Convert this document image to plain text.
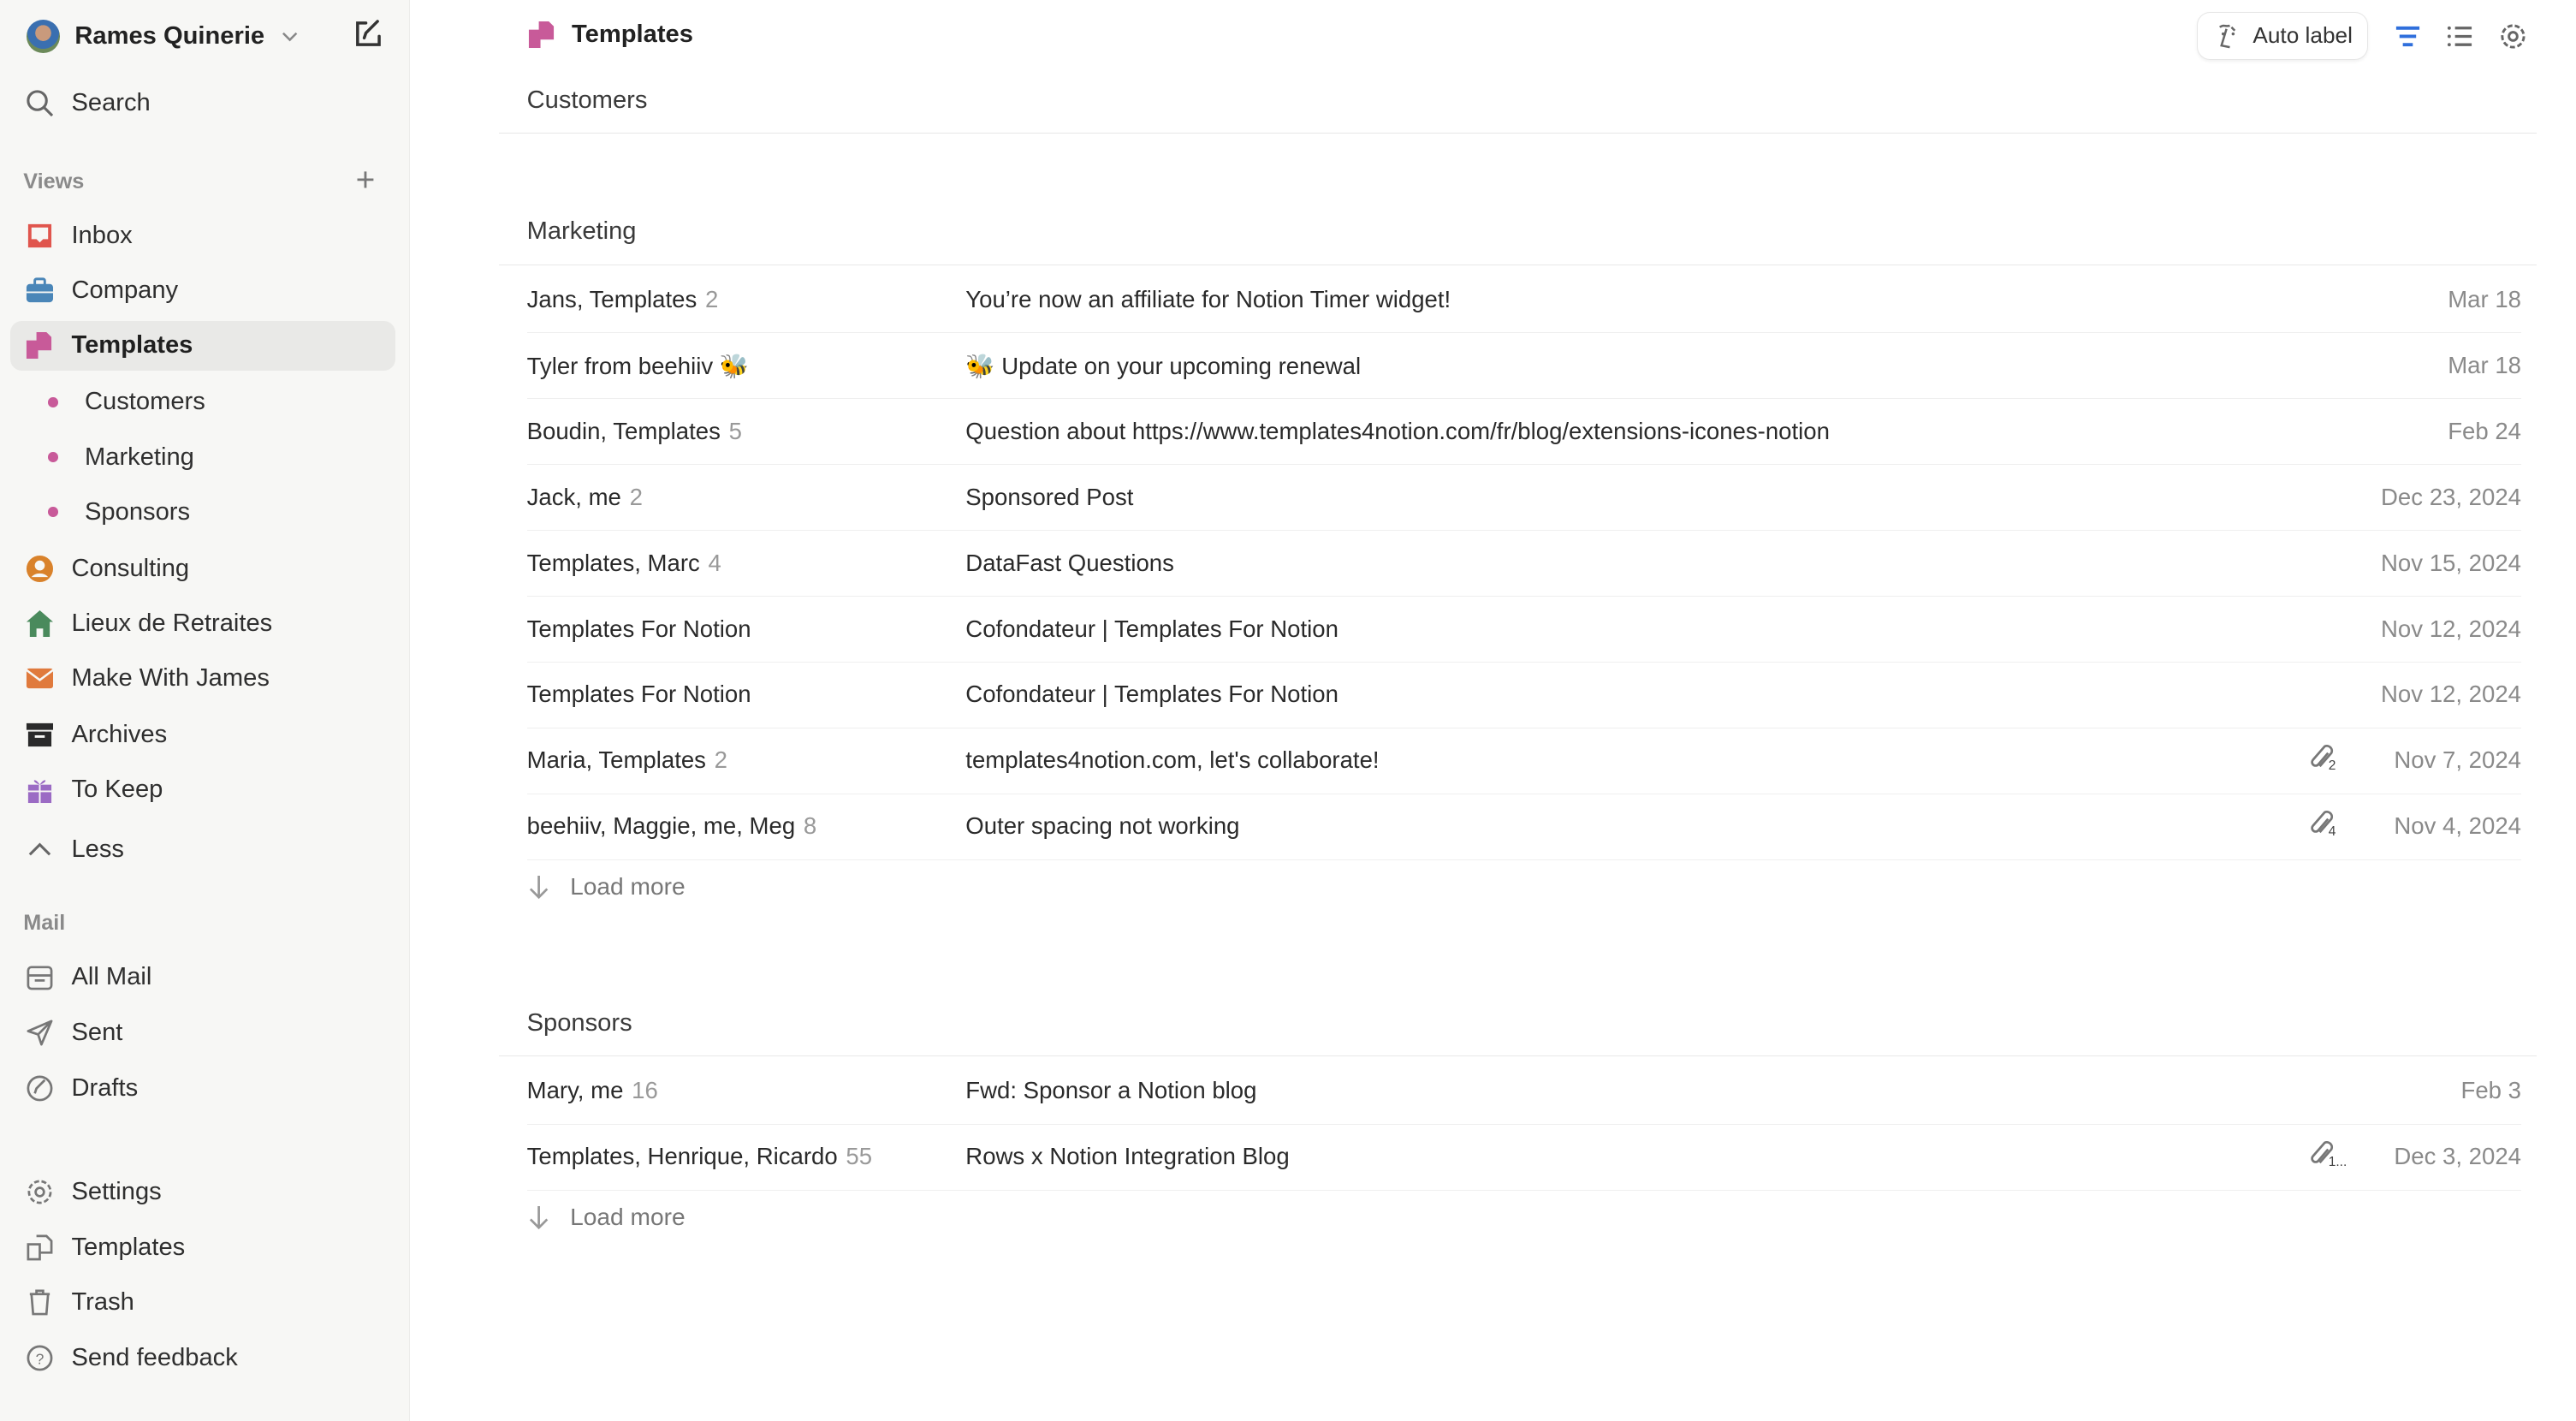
Rames Quinerie
Search
Views	+
Inbox
Company
Templates
Customers
Marketing
Sponsors
Consulting
Lieux de Retraites
Make With James
Archives
To Keep
Less
Mail
All Mail
Sent
Drafts
Settings
Templates
Trash
? Send feedback
Templates	Auto label
Customers
Marketing
Jans, Templates 2	You’re now an affiliate for Notion Timer widget!	Mar 18
Tyler from beehiiv 🐝	🐝 Update on your upcoming renewal	Mar 18
Boudin, Templates 5	Question about https://www.templates4notion.com/fr/blog/extensions-icones-notion	Feb 24
Jack, me 2	Sponsored Post	Dec 23, 2024
Templates, Marc 4	DataFast Questions	Nov 15, 2024
Templates For Notion	Cofondateur | Templates For Notion	Nov 12, 2024
Templates For Notion	Cofondateur | Templates For Notion	Nov 12, 2024
Maria, Templates 2	templates4notion.com, let's collaborate!	2	Nov 7, 2024
beehiiv, Maggie, me, Meg 8	Outer spacing not working	4	Nov 4, 2024
Load more
Sponsors
Mary, me 16	Fwd: Sponsor a Notion blog	Feb 3
Templates, Henrique, Ricardo 55	Rows x Notion Integration Blog	1...	Dec 3, 2024
Load more
